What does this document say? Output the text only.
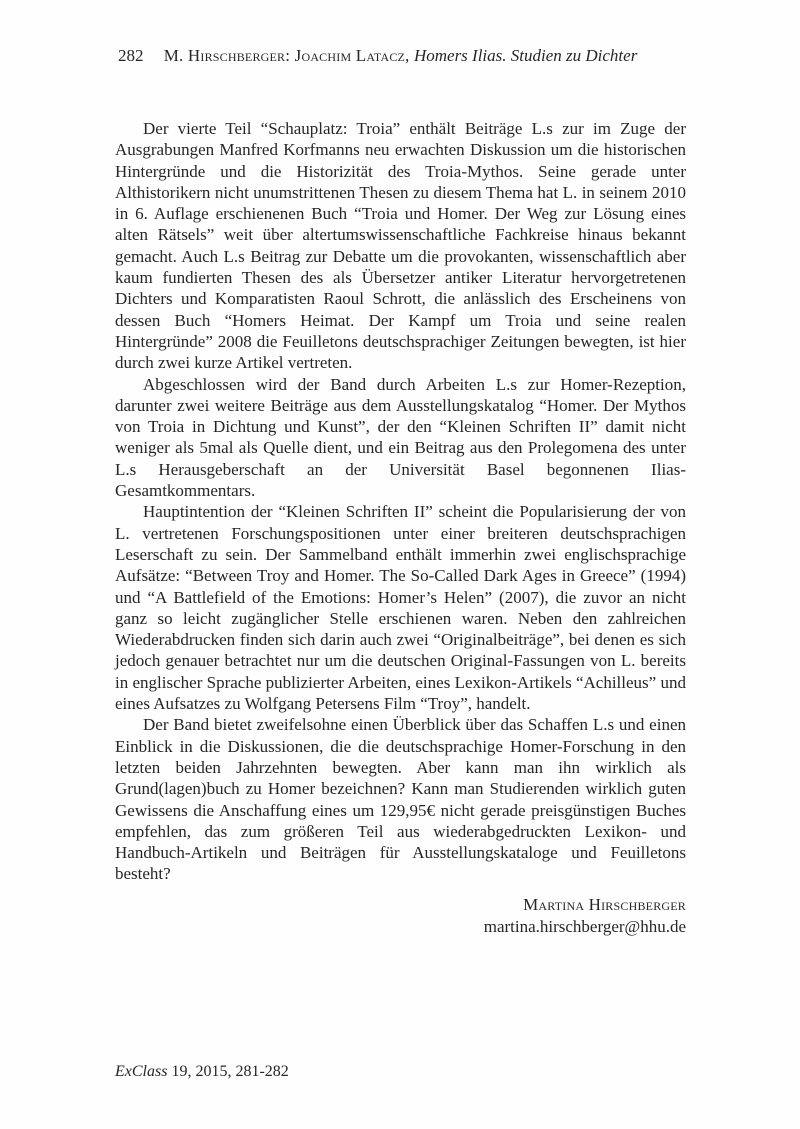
282 M. Hirschberger: Joachim Latacz, Homers Ilias. Studien zu Dichter

Der vierte Teil “Schauplatz: Troia” enthält Beiträge L.s zur im Zuge der Ausgrabungen Manfred Korfmanns neu erwachten Diskussion um die historischen Hintergründe und die Historizität des Troia-Mythos. Seine gerade unter Althistorikern nicht unumstrittenen Thesen zu diesem Thema hat L. in seinem 2010 in 6. Auflage erschienenen Buch “Troia und Homer. Der Weg zur Lösung eines alten Rätsels” weit über altertumswissenschaftliche Fachkreise hinaus bekannt gemacht. Auch L.s Beitrag zur Debatte um die provokanten, wissenschaftlich aber kaum fundierten Thesen des als Übersetzer antiker Literatur hervorgetretenen Dichters und Komparatisten Raoul Schrott, die anlässlich des Erscheinens von dessen Buch “Homers Heimat. Der Kampf um Troia und seine realen Hintergründe” 2008 die Feuilletons deutschsprachiger Zeitungen bewegten, ist hier durch zwei kurze Artikel vertreten.

Abgeschlossen wird der Band durch Arbeiten L.s zur Homer-Rezeption, darunter zwei weitere Beiträge aus dem Ausstellungskatalog “Homer. Der Mythos von Troia in Dichtung und Kunst”, der den “Kleinen Schriften II” damit nicht weniger als 5mal als Quelle dient, und ein Beitrag aus den Prolegomena des unter L.s Herausgeberschaft an der Universität Basel begonnenen Ilias-Gesamtkommentars.

Hauptintention der “Kleinen Schriften II” scheint die Popularisierung der von L. vertretenen Forschungspositionen unter einer breiteren deutschsprachigen Leserschaft zu sein. Der Sammelband enthält immerhin zwei englischsprachige Aufsätze: “Between Troy and Homer. The So-Called Dark Ages in Greece” (1994) und “A Battlefield of the Emotions: Homer’s Helen” (2007), die zuvor an nicht ganz so leicht zugänglicher Stelle erschienen waren. Neben den zahlreichen Wiederabdrucken finden sich darin auch zwei “Originalbeiträge”, bei denen es sich jedoch genauer betrachtet nur um die deutschen Original-Fassungen von L. bereits in englischer Sprache publizierter Arbeiten, eines Lexikon-Artikels “Achilleus” und eines Aufsatzes zu Wolfgang Petersens Film “Troy”, handelt.

Der Band bietet zweifelsohne einen Überblick über das Schaffen L.s und einen Einblick in die Diskussionen, die die deutschsprachige Homer-Forschung in den letzten beiden Jahrzehnten bewegten. Aber kann man ihn wirklich als Grund(lagen)buch zu Homer bezeichnen? Kann man Studierenden wirklich guten Gewissens die Anschaffung eines um 129,95€ nicht gerade preisgünstigen Buches empfehlen, das zum größeren Teil aus wiederabgedruckten Lexikon- und Handbuch-Artikeln und Beiträgen für Ausstellungskataloge und Feuilletons besteht?

Martina Hirschberger
martina.hirschberger@hhu.de
ExClass 19, 2015, 281-282
